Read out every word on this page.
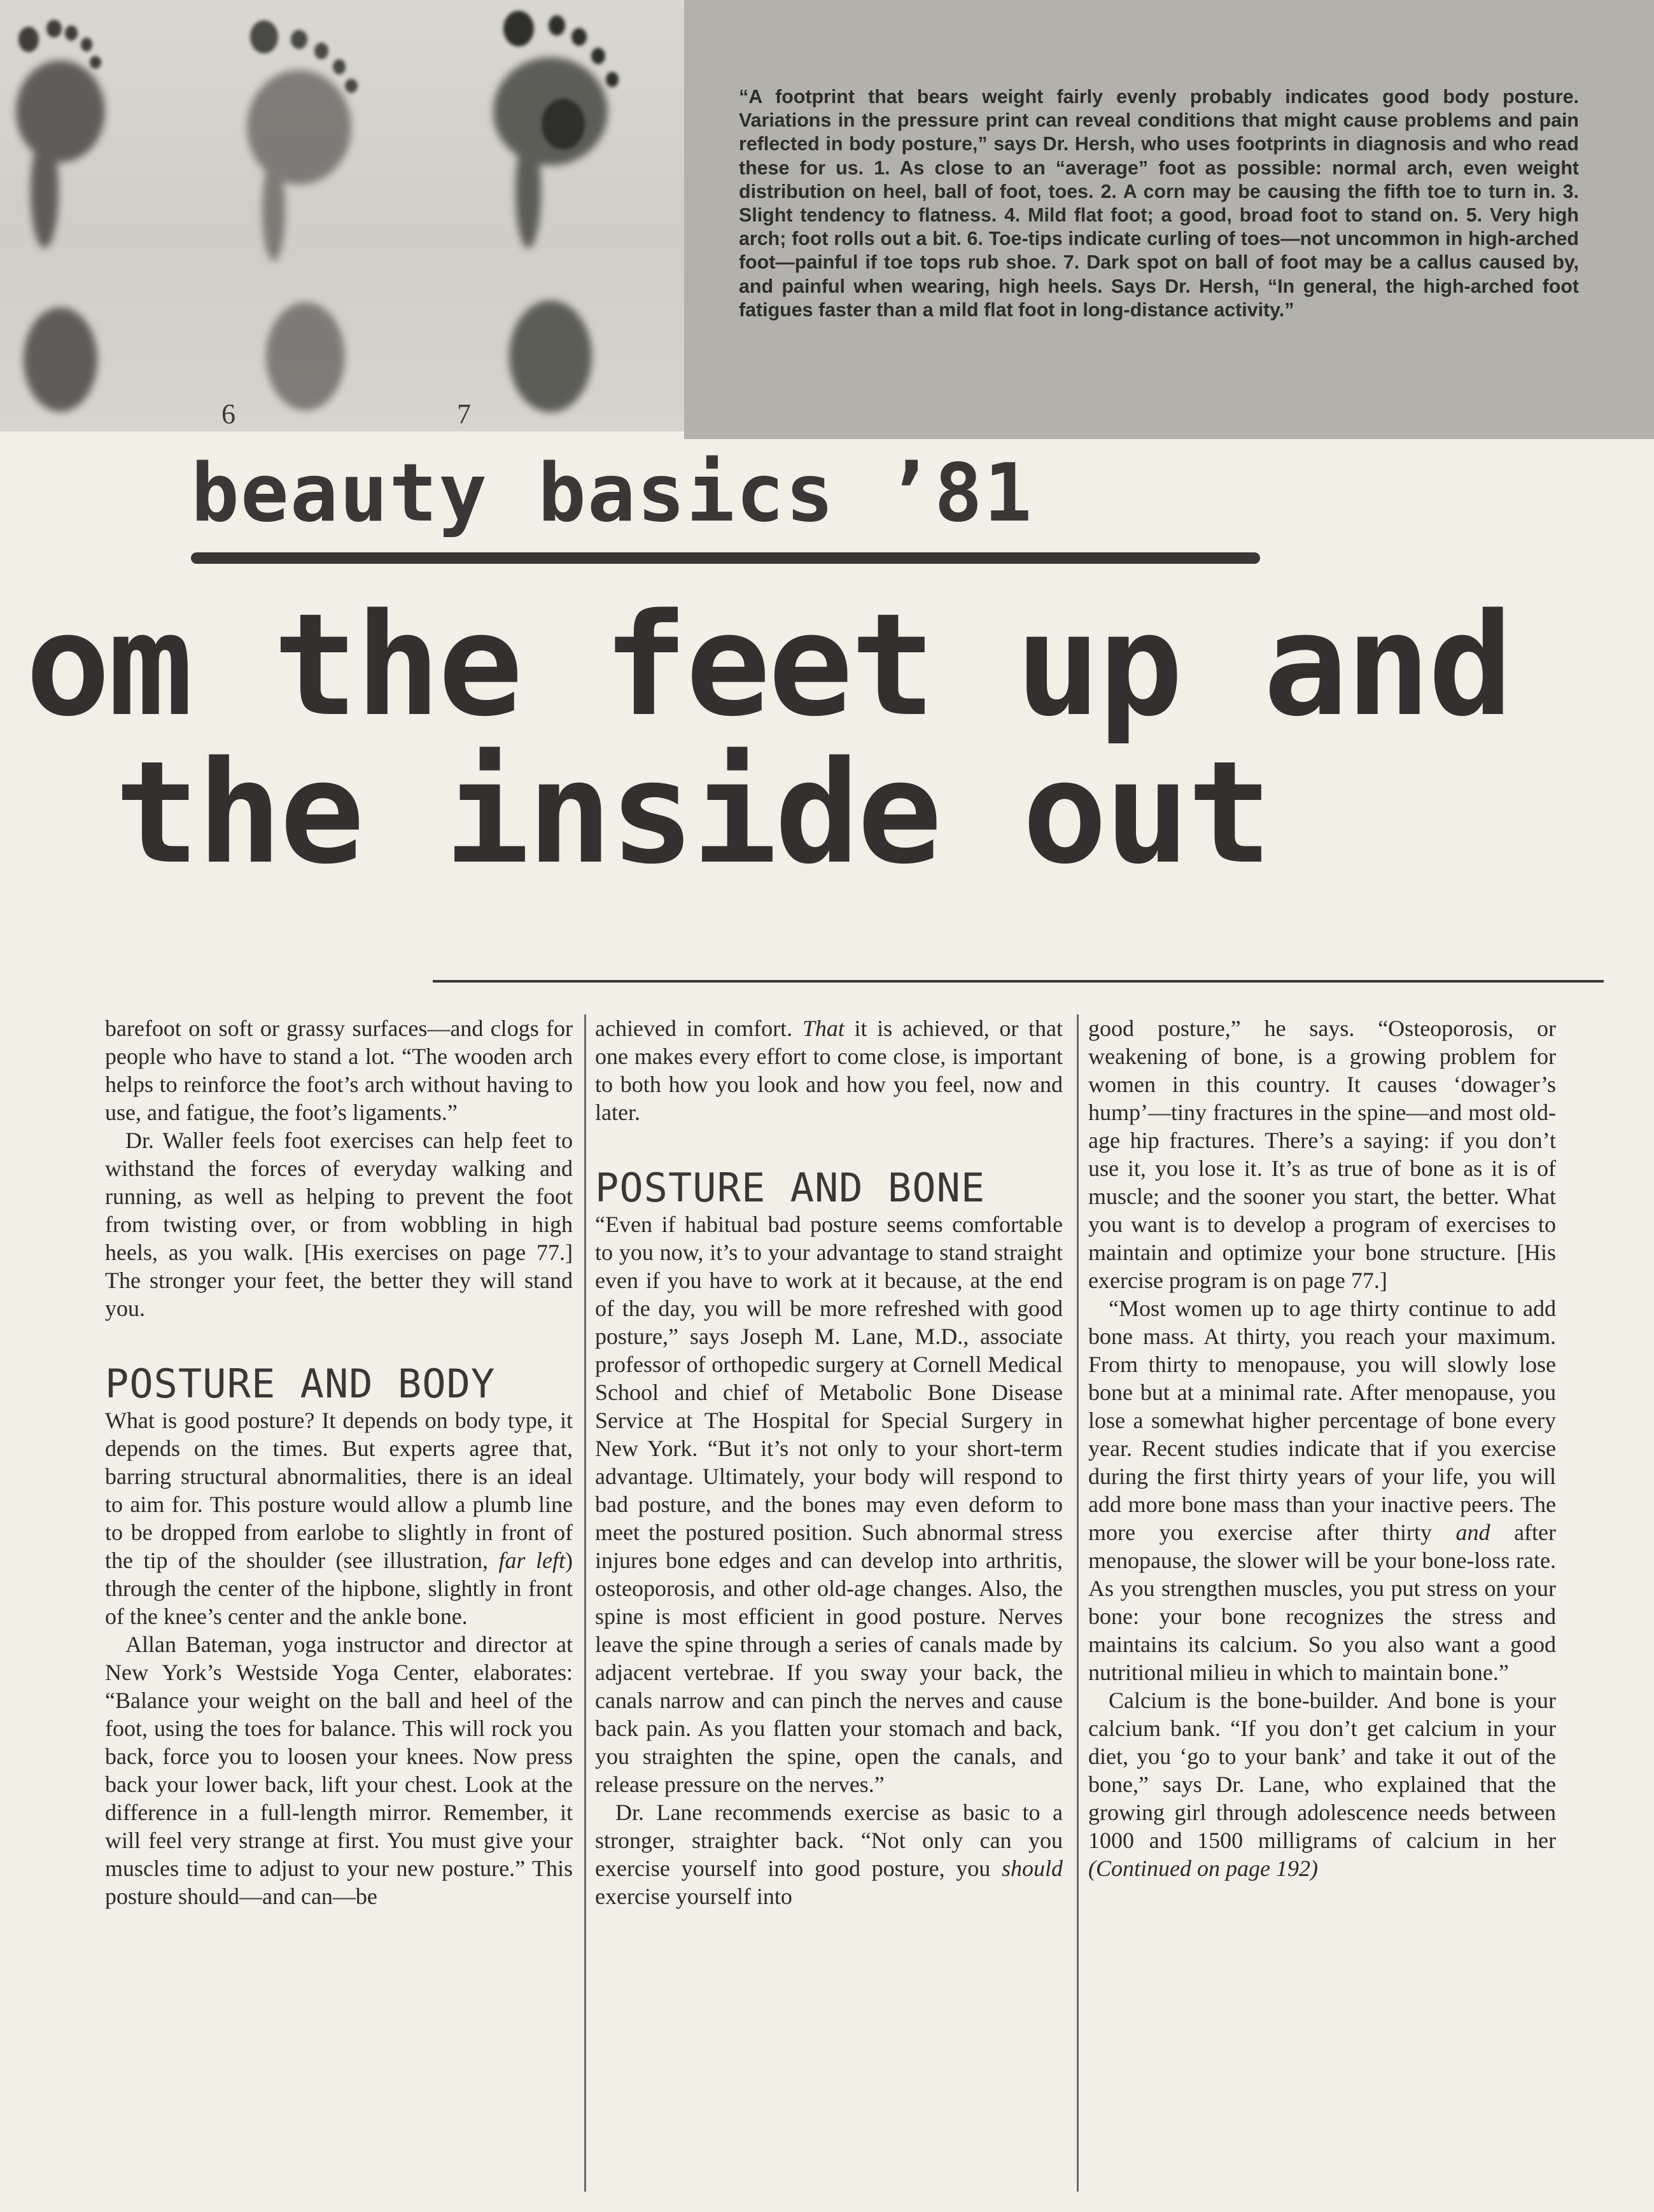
6	7

“A footprint that bears weight fairly evenly probably indicates good body posture. Variations in the pressure print can reveal conditions that might cause problems and pain reflected in body posture,” says Dr. Hersh, who uses footprints in diagnosis and who read these for us. 1. As close to an “average” foot as possible: normal arch, even weight distribution on heel, ball of foot, toes. 2. A corn may be causing the fifth toe to turn in. 3. Slight tendency to flatness. 4. Mild flat foot; a good, broad foot to stand on. 5. Very high arch; foot rolls out a bit. 6. Toe-tips indicate curling of toes—not uncommon in high-arched foot—painful if toe tops rub shoe. 7. Dark spot on ball of foot may be a callus caused by, and painful when wearing, high heels. Says Dr. Hersh, “In general, the high-arched foot fatigues faster than a mild flat foot in long-distance activity.”

beauty basics ’81
om the feet up and
the inside out

barefoot on soft or grassy surfaces—and clogs for people who have to stand a lot. “The wooden arch helps to reinforce the foot’s arch without having to use, and fatigue, the foot’s ligaments.”

Dr. Waller feels foot exercises can help feet to withstand the forces of everyday walking and running, as well as helping to prevent the foot from twisting over, or from wobbling in high heels, as you walk. [His exercises on page 77.] The stronger your feet, the better they will stand you.

POSTURE AND BODY

What is good posture? It depends on body type, it depends on the times. But experts agree that, barring structural abnormalities, there is an ideal to aim for. This posture would allow a plumb line to be dropped from earlobe to slightly in front of the tip of the shoulder (see illustration, far left) through the center of the hipbone, slightly in front of the knee’s center and the ankle bone.

Allan Bateman, yoga instructor and director at New York’s Westside Yoga Center, elaborates: “Balance your weight on the ball and heel of the foot, using the toes for balance. This will rock you back, force you to loosen your knees. Now press back your lower back, lift your chest. Look at the difference in a full-length mirror. Remember, it will feel very strange at first. You must give your muscles time to adjust to your new posture.” This posture should—and can—be

achieved in comfort. That it is achieved, or that one makes every effort to come close, is important to both how you look and how you feel, now and later.

POSTURE AND BONE

“Even if habitual bad posture seems comfortable to you now, it’s to your advantage to stand straight even if you have to work at it because, at the end of the day, you will be more refreshed with good posture,” says Joseph M. Lane, M.D., associate professor of orthopedic surgery at Cornell Medical School and chief of Metabolic Bone Disease Service at The Hospital for Special Surgery in New York. “But it’s not only to your short-term advantage. Ultimately, your body will respond to bad posture, and the bones may even deform to meet the postured position. Such abnormal stress injures bone edges and can develop into arthritis, osteoporosis, and other old-age changes. Also, the spine is most efficient in good posture. Nerves leave the spine through a series of canals made by adjacent vertebrae. If you sway your back, the canals narrow and can pinch the nerves and cause back pain. As you flatten your stomach and back, you straighten the spine, open the canals, and release pressure on the nerves.”

Dr. Lane recommends exercise as basic to a stronger, straighter back. “Not only can you exercise yourself into good posture, you should exercise yourself into

good posture,” he says. “Osteoporosis, or weakening of bone, is a growing problem for women in this country. It causes ‘dowager’s hump’—tiny fractures in the spine—and most old-age hip fractures. There’s a saying: if you don’t use it, you lose it. It’s as true of bone as it is of muscle; and the sooner you start, the better. What you want is to develop a program of exercises to maintain and optimize your bone structure. [His exercise program is on page 77.]

“Most women up to age thirty continue to add bone mass. At thirty, you reach your maximum. From thirty to menopause, you will slowly lose bone but at a minimal rate. After menopause, you lose a somewhat higher percentage of bone every year. Recent studies indicate that if you exercise during the first thirty years of your life, you will add more bone mass than your inactive peers. The more you exercise after thirty and after menopause, the slower will be your bone-loss rate. As you strengthen muscles, you put stress on your bone: your bone recognizes the stress and maintains its calcium. So you also want a good nutritional milieu in which to maintain bone.”

Calcium is the bone-builder. And bone is your calcium bank. “If you don’t get calcium in your diet, you ‘go to your bank’ and take it out of the bone,” says Dr. Lane, who explained that the growing girl through adolescence needs between 1000 and 1500 milligrams of calcium in her (Continued on page 192)
